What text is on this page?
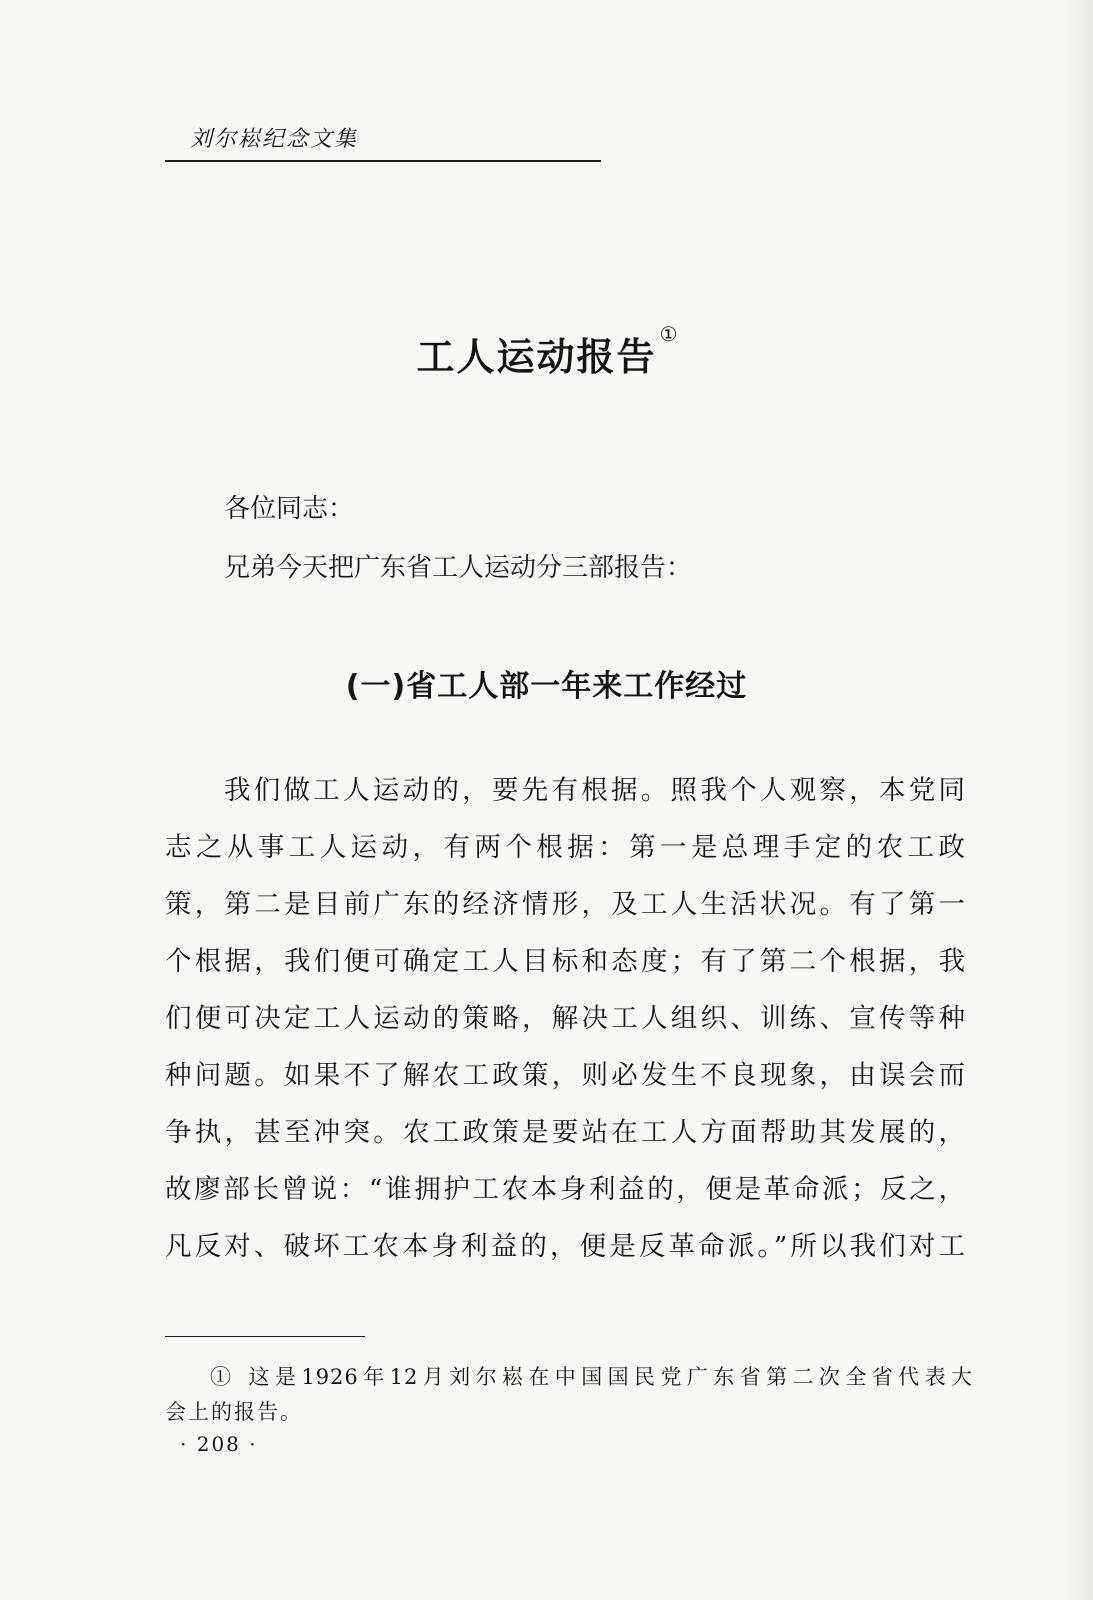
刘尔崧纪念文集
工人运动报告①
各位同志：
兄弟今天把广东省工人运动分三部报告：
(一)省工人部一年来工作经过
我们做工人运动的，要先有根据。照我个人观察，本党同
志之从事工人运动，有两个根据：第一是总理手定的农工政
策，第二是目前广东的经济情形，及工人生活状况。有了第一
个根据，我们便可确定工人目标和态度；有了第二个根据，我
们便可决定工人运动的策略，解决工人组织、训练、宣传等种
种问题。如果不了解农工政策，则必发生不良现象，由误会而
争执，甚至冲突。农工政策是要站在工人方面帮助其发展的，
故廖部长曾说：“谁拥护工农本身利益的，便是革命派；反之，
凡反对、破坏工农本身利益的，便是反革命派。”所以我们对工
① 这是1926年12月刘尔崧在中国国民党广东省第二次全省代表大
会上的报告。
· 208 ·
